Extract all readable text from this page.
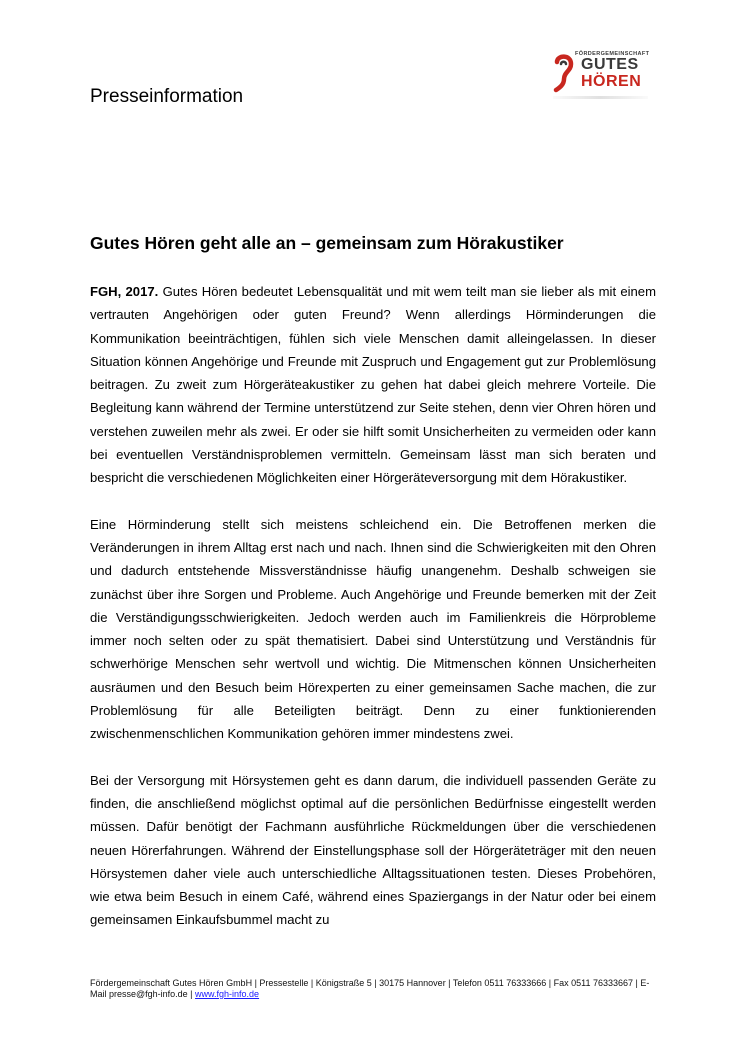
Presseinformation
FÖRDERGEMEINSCHAFT
GUTES
HÖREN
Gutes Hören geht alle an – gemeinsam zum Hörakustiker

FGH, 2017. Gutes Hören bedeutet Lebensqualität und mit wem teilt man sie lieber als mit einem vertrauten Angehörigen oder guten Freund? Wenn allerdings Hörminderungen die Kommunikation beeinträchtigen, fühlen sich viele Menschen damit alleingelassen. In dieser Situation können Angehörige und Freunde mit Zuspruch und Engagement gut zur Problemlösung beitragen. Zu zweit zum Hörgeräteakustiker zu gehen hat dabei gleich mehrere Vorteile. Die Begleitung kann während der Termine unterstützend zur Seite stehen, denn vier Ohren hören und verstehen zuweilen mehr als zwei. Er oder sie hilft somit Unsicherheiten zu vermeiden oder kann bei eventuellen Verständnisproblemen vermitteln. Gemeinsam lässt man sich beraten und bespricht die verschiedenen Möglichkeiten einer Hörgeräteversorgung mit dem Hörakustiker.

Eine Hörminderung stellt sich meistens schleichend ein. Die Betroffenen merken die Veränderungen in ihrem Alltag erst nach und nach. Ihnen sind die Schwierigkeiten mit den Ohren und dadurch entstehende Missverständnisse häufig unangenehm. Deshalb schweigen sie zunächst über ihre Sorgen und Probleme. Auch Angehörige und Freunde bemerken mit der Zeit die Verständigungsschwierigkeiten. Jedoch werden auch im Familienkreis die Hörprobleme immer noch selten oder zu spät thematisiert. Dabei sind Unterstützung und Verständnis für schwerhörige Menschen sehr wertvoll und wichtig. Die Mitmenschen können Unsicherheiten ausräumen und den Besuch beim Hörexperten zu einer gemeinsamen Sache machen, die zur Problemlösung für alle Beteiligten beiträgt. Denn zu einer funktionierenden zwischenmenschlichen Kommunikation gehören immer mindestens zwei.

Bei der Versorgung mit Hörsystemen geht es dann darum, die individuell passenden Geräte zu finden, die anschließend möglichst optimal auf die persönlichen Bedürfnisse eingestellt werden müssen. Dafür benötigt der Fachmann ausführliche Rückmeldungen über die verschiedenen neuen Hörerfahrungen. Während der Einstellungsphase soll der Hörgeräteträger mit den neuen Hörsystemen daher viele auch unterschiedliche Alltagssituationen testen. Dieses Probehören, wie etwa beim Besuch in einem Café, während eines Spaziergangs in der Natur oder bei einem gemeinsamen Einkaufsbummel macht zu

Fördergemeinschaft Gutes Hören GmbH | Pressestelle | Königstraße 5 | 30175 Hannover | Telefon 0511 76333666 | Fax 0511 76333667 | E-Mail presse@fgh-info.de | www.fgh-info.de
